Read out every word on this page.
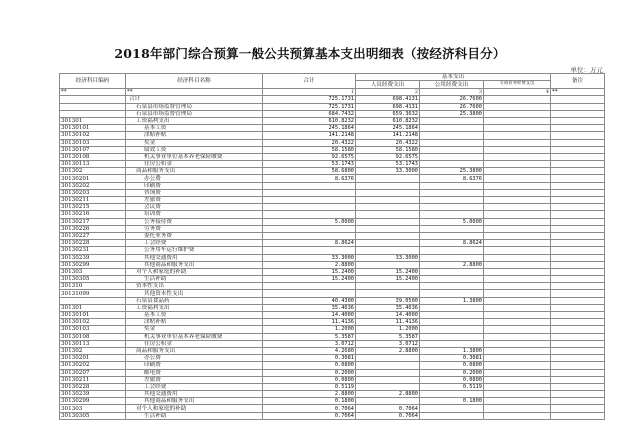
2018年部门综合预算一般公共预算基本支出明细表（按经济科目分）
单位：万元
经济科目编码	经济科目名称	合计	基本支出			备注
			人员经费支出	公用经费支出	专项业务经费支出	
**	**	1	2	3	4	**
	合计	725.1731	698.4131	26.7600		
	石泉县市场监督管理局	725.1731	698.4131	26.7600		
	石泉县市场监督管理局	684.7432	659.3632	25.3800		
301301	工资福利支出	610.8232	610.8232			
30130101	基本工资	245.1864	245.1864			
30130102	津贴补贴	141.2148	141.2148			
30130103	奖金	20.4322	20.4322			
30130107	绩效工资	58.1580	58.1580			
30130108	机关事业单位基本养老保险缴费	92.6575	92.6575			
30130113	住房公积金	53.1743	53.1743			
301302	商品和服务支出	58.6800	33.3000	25.3800		
30130201	办公费	8.6376		8.6376		
30130202	印刷费					
30130203	咨询费					
30130211	差旅费					
30130215	会议费					
30130216	培训费					
30130217	公务接待费	5.0000		5.0000		
30130226	劳务费					
30130227	委托业务费					
30130228	工会经费	8.8624		8.8624		
30130231	公务用车运行维护费					
30130239	其他交通费用	33.3000	33.3000			
30130299	其他商品和服务支出	2.8800		2.8800		
301303	对个人和家庭的补助	15.2400	15.2400			
30130305	生活补助	15.2400	15.2400			
301310	资本性支出					
30131099	其他资本性支出					
	石泉县食品药	40.4300	39.0500	1.3800		
301301	工资福利支出	35.4636	35.4636			
30130101	基本工资	14.4000	14.4000			
30130102	津贴补贴	11.4136	11.4136			
30130103	奖金	1.2000	1.2000			
30130108	机关事业单位基本养老保险缴费	5.3587	5.3587			
30130113	住房公积金	3.0712	3.0712			
301302	商品和服务支出	4.2680	2.8800	1.3800		
30130201	办公费	0.3081		0.3081		
30130202	印刷费	0.0800		0.0800		
30130207	邮电费	0.2000		0.2000		
30130211	差旅费	0.0800		0.0800		
30130228	工会经费	0.5119		0.5119		
30130239	其他交通费用	2.8800	2.8800			
30130299	其他商品和服务支出	0.1800		0.1800		
301303	对个人和家庭的补助	0.7064	0.7064			
30130305	生活补助	0.7064	0.7064			
